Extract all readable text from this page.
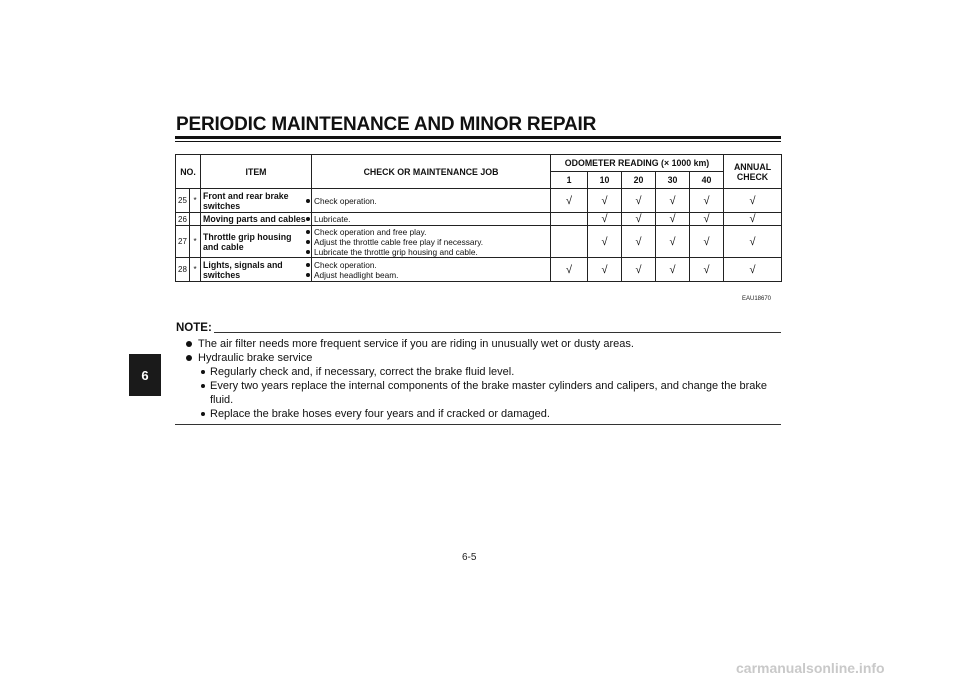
PERIODIC MAINTENANCE AND MINOR REPAIR
6
NO.		ITEM	CHECK OR MAINTENANCE JOB	ODOMETER READING (× 1000 km)					ANNUAL CHECK
				1	10	20	30	40	
25	*	Front and rear brake switches	Check operation.	√	√	√	√	√	√
26		Moving parts and cables	Lubricate.		√	√	√	√	√
27	*	Throttle grip housing and cable	Check operation and free play.
Adjust the throttle cable free play if necessary.
Lubricate the throttle grip housing and cable.		√	√	√	√	√
28	*	Lights, signals and switches	Check operation.
Adjust headlight beam.	√	√	√	√	√	√
EAU18670
NOTE:
The air filter needs more frequent service if you are riding in unusually wet or dusty areas.
Hydraulic brake service
Regularly check and, if necessary, correct the brake fluid level.
Every two years replace the internal components of the brake master cylinders and calipers, and change the brake fluid.
Replace the brake hoses every four years and if cracked or damaged.
6-5
carmanualsonline.info
